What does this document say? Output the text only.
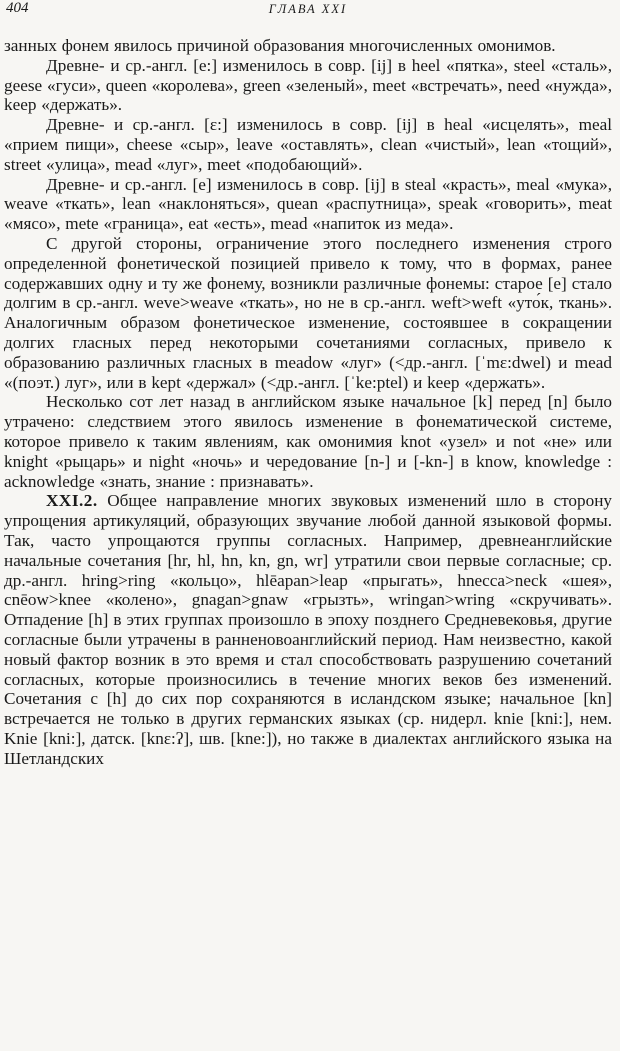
404	ГЛАВА XXI

занных фонем явилось причиной образования многочисленных омонимов.

Древне- и ср.-англ. [е:] изменилось в совр. [ij] в heel «пятка», steel «сталь», geese «гуси», queen «королева», green «зеленый», meet «встречать», need «нужда», keep «держать».

Древне- и ср.-англ. [ɛ:] изменилось в совр. [ij] в heal «исцелять», meal «прием пищи», cheese «сыр», leave «оставлять», clean «чистый», lean «тощий», street «улица», mead «луг», meet «подобающий».

Древне- и ср.-англ. [е] изменилось в совр. [ij] в steal «красть», meal «мука», weave «ткать», lean «наклоняться», quean «распутница», speak «говорить», meat «мясо», mete «граница», eat «есть», mead «напиток из меда».

С другой стороны, ограничение этого последнего изменения строго определенной фонетической позицией привело к тому, что в формах, ранее содержавших одну и ту же фонему, возникли различные фонемы: старое [е] стало долгим в ср.-англ. weve>weave «ткать», но не в ср.-англ. weft>weft «уто́к, ткань». Аналогичным образом фонетическое изменение, состоявшее в сокращении долгих гласных перед некоторыми сочетаниями согласных, привело к образованию различных гласных в meadow «луг» (<др.-англ. [ˈmɛ:dwel) и mead «(поэт.) луг», или в kept «держал» (<др.-англ. [ˈke:ptel) и keep «держать».

Несколько сот лет назад в английском языке начальное [k] перед [n] было утрачено: следствием этого явилось изменение в фонематической системе, которое привело к таким явлениям, как омонимия knot «узел» и not «не» или knight «рыцарь» и night «ночь» и чередование [n-] и [-kn-] в know, knowledge : acknowledge «знать, знание : признавать».

XXI.2. Общее направление многих звуковых изменений шло в сторону упрощения артикуляций, образующих звучание любой данной языковой формы. Так, часто упрощаются группы согласных. Например, древнеанглийские начальные сочетания [hr, hl, hn, kn, gn, wr] утратили свои первые согласные; ср. др.-англ. hring>ring «кольцо», hlēapan>leap «прыгать», hnecca>neck «шея», cnēow>knee «колено», gnagan>gnaw «грызть», wringan>wring «скручивать». Отпадение [h] в этих группах произошло в эпоху позднего Средневековья, другие согласные были утрачены в ранненовоанглийский период. Нам неизвестно, какой новый фактор возник в это время и стал способствовать разрушению сочетаний согласных, которые произносились в течение многих веков без изменений. Сочетания с [h] до сих пор сохраняются в исландском языке; начальное [kn] встречается не только в других германских языках (ср. нидерл. knie [kni:], нем. Knie [kni:], датск. [knɛ:ʔ], шв. [kne:]), но также в диалектах английского языка на Шетландских
